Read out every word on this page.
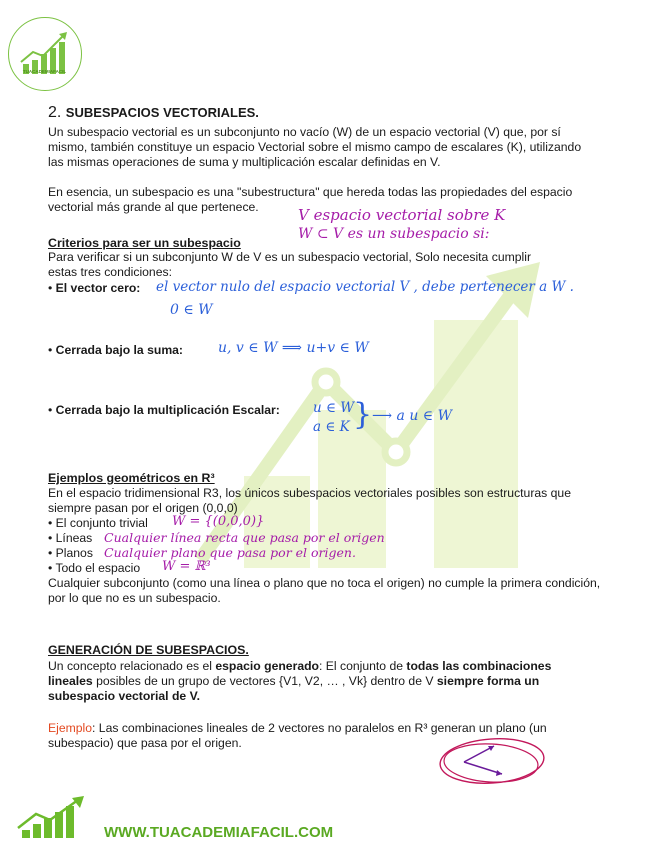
TUACADEMIAFACIL
2. SUBESPACIOS VECTORIALES.
Un subespacio vectorial es un subconjunto no vacío (W) de un espacio vectorial (V) que, por sí
mismo, también constituye un espacio Vectorial sobre el mismo campo de escalares (K), utilizando
las mismas operaciones de suma y multiplicación escalar definidas en V.
En esencia, un subespacio es una "subestructura" que hereda todas las propiedades del espacio
vectorial más grande al que pertenece.	V espacio vectorial sobre K
W ⊂ V es un subespacio si:
Criterios para ser un subespacio
Para verificar si un subconjunto W de V es un subespacio vectorial, Solo necesita cumplir
estas tres condiciones:
• El vector cero: el vector nulo del espacio vectorial V , debe pertenecer a W .
0 ∈ W
• Cerrada bajo la suma:	u, v ∈ W ⟹ u+v ∈ W
• Cerrada bajo la multiplicación Escalar: u ∈ W
a ∈ K } ⟶ a u ∈ W
Ejemplos geométricos en R³
En el espacio tridimensional R3, los únicos subespacios vectoriales posibles son estructuras que
siempre pasan por el origen (0,0,0)
• El conjunto trivial W = {(0,0,0)}
• Líneas Cualquier línea recta que pasa por el origen
• Planos Cualquier plano que pasa por el origen.
• Todo el espacio W = ℝ³
Cualquier subconjunto (como una línea o plano que no toca el origen) no cumple la primera condición,
por lo que no es un subespacio.
GENERACIÓN DE SUBESPACIOS.
Un concepto relacionado es el espacio generado: El conjunto de todas las combinaciones
lineales posibles de un grupo de vectores {V1, V2, … , Vk} dentro de V siempre forma un
subespacio vectorial de V.
Ejemplo: Las combinaciones lineales de 2 vectores no paralelos en R³ generan un plano (un
subespacio) que pasa por el origen.
WWW.TUACADEMIAFACIL.COM
